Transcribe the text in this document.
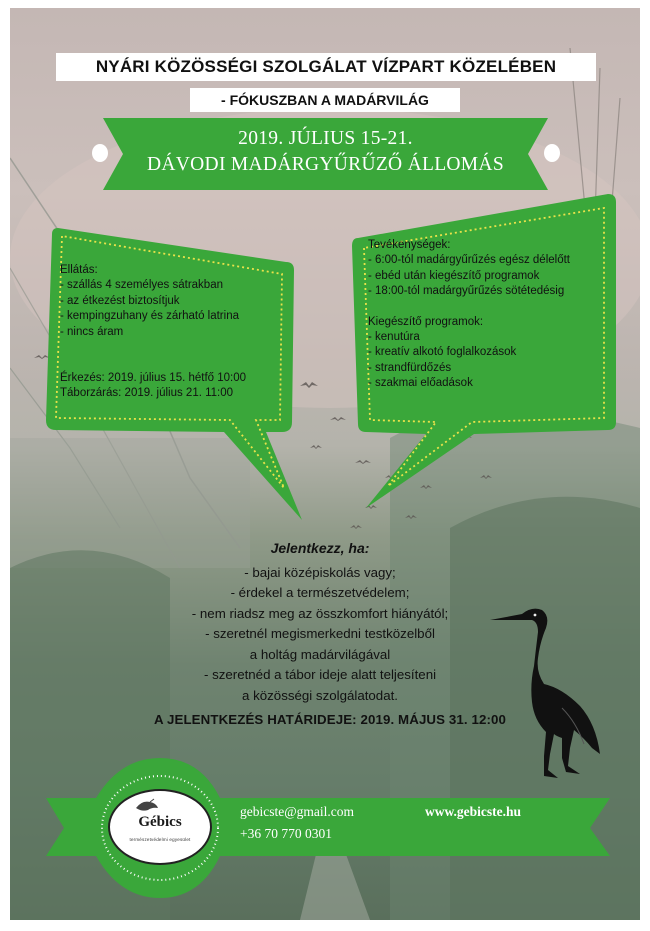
NYÁRI KÖZÖSSÉGI SZOLGÁLAT VÍZPART KÖZELÉBEN
- FÓKUSZBAN A MADÁRVILÁG
2019. JÚLIUS 15-21.
DÁVODI MADÁRGYŰRŰZŐ ÁLLOMÁS
Ellátás:
- szállás 4 személyes sátrakban
- az étkezést biztosítjuk
- kempingzuhany és zárható latrina
- nincs áram
Érkezés: 2019. július 15. hétfő 10:00
Táborzárás: 2019. július 21. 11:00
Tevékenységek:
- 6:00-tól madárgyűrűzés egész délelőtt
- ebéd után kiegészítő programok
- 18:00-tól madárgyűrűzés sötétedésig
Kiegészítő programok:
- kenutúra
- kreatív alkotó foglalkozások
- strandfürdőzés
- szakmai előadások
Jelentkezz, ha:
- bajai középiskolás vagy;
- érdekel a természetvédelem;
- nem riadsz meg az összkomfort hiányától;
- szeretnél megismerkedni testközelből
a holtág madárvilágával
- szeretnéd a tábor ideje alatt teljesíteni
a közösségi szolgálatodat.
A JELENTKEZÉS HATÁRIDEJE: 2019. MÁJUS 31. 12:00
Gébics
természetvédelmi egyesület
gebicste@gmail.com
+36 70 770 0301
www.gebicste.hu
